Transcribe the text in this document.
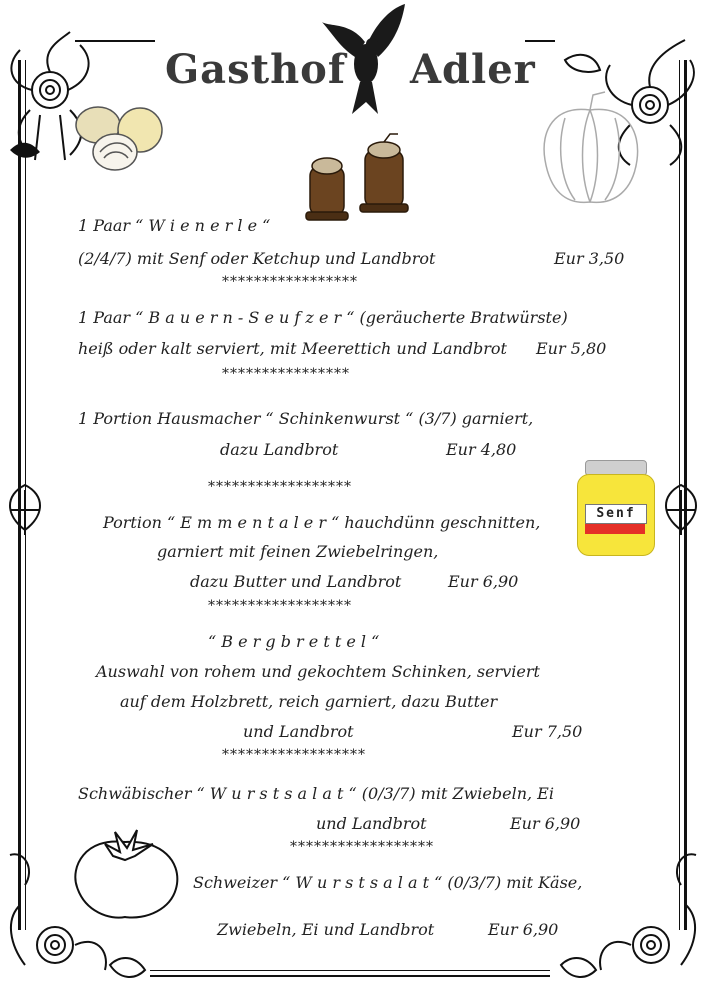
Gasthof Adler
Senf
1 Paar “ W i e n e r l e “
(2/4/7) mit Senf oder Ketchup und Landbrot	Eur 3,50
*****************
1 Paar “ B a u e r n - S e u f z e r “ (geräucherte Bratwürste)
heiß oder kalt serviert, mit Meerettich und Landbrot Eur 5,80
****************
1 Portion Hausmacher “ Schinkenwurst “ (3/7) garniert,
dazu Landbrot	Eur 4,80
******************
Portion “ E m m e n t a l e r “ hauchdünn geschnitten,
garniert mit feinen Zwiebelringen,
dazu Butter und Landbrot	Eur 6,90
******************
“ B e r g b r e t t e l “
Auswahl von rohem und gekochtem Schinken, serviert
auf dem Holzbrett, reich garniert, dazu Butter
und Landbrot	Eur 7,50
******************
Schwäbischer “ W u r s t s a l a t “ (0/3/7) mit Zwiebeln, Ei
und Landbrot	Eur 6,90
******************
Schweizer “ W u r s t s a l a t “ (0/3/7) mit Käse,
Zwiebeln, Ei und Landbrot	Eur 6,90
